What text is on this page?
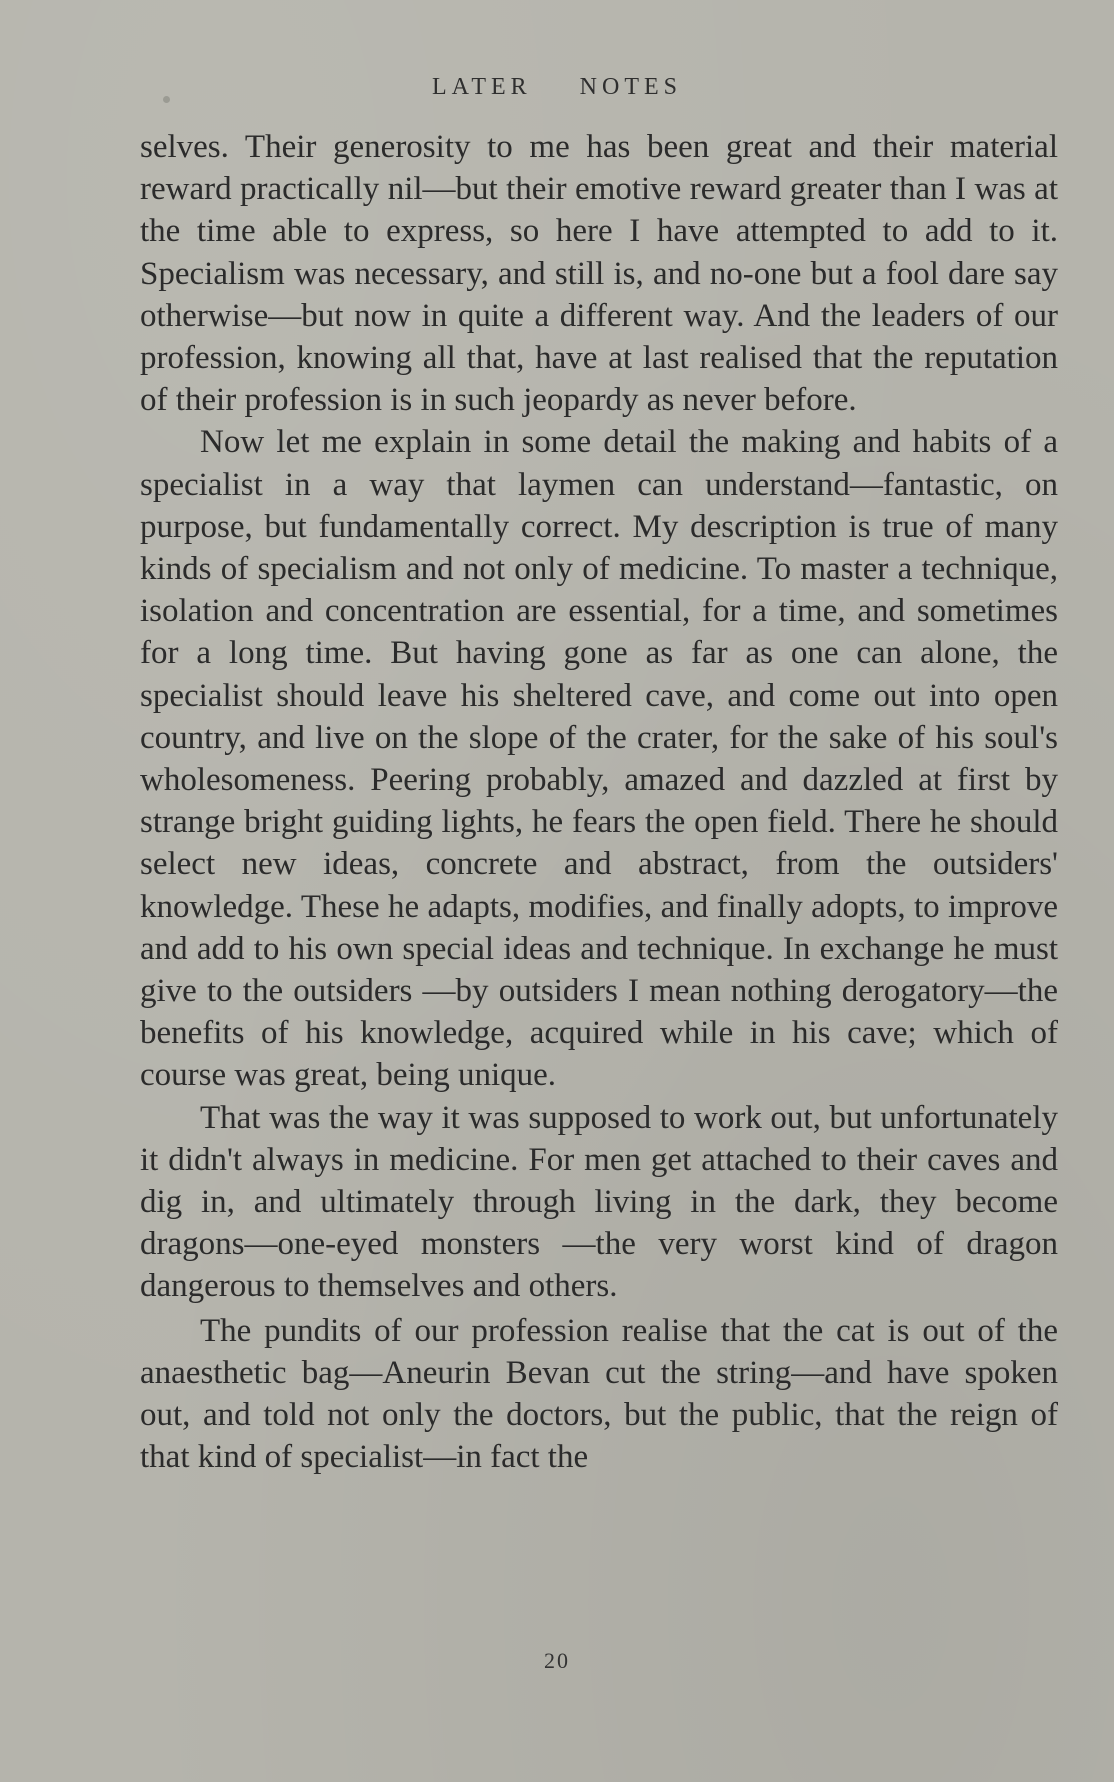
LATER NOTES

selves. Their generosity to me has been great and their material reward practically nil—but their emotive reward greater than I was at the time able to express, so here I have attempted to add to it. Specialism was necessary, and still is, and no-one but a fool dare say otherwise—but now in quite a different way. And the leaders of our profession, knowing all that, have at last realised that the reputation of their profession is in such jeopardy as never before.

Now let me explain in some detail the making and habits of a specialist in a way that laymen can understand—fantastic, on purpose, but fundamentally correct. My description is true of many kinds of specialism and not only of medicine. To master a technique, isolation and concentration are essential, for a time, and sometimes for a long time. But having gone as far as one can alone, the specialist should leave his sheltered cave, and come out into open country, and live on the slope of the crater, for the sake of his soul's wholesomeness. Peering probably, amazed and dazzled at first by strange bright guiding lights, he fears the open field. There he should select new ideas, concrete and abstract, from the outsiders' knowledge. These he adapts, modifies, and finally adopts, to improve and add to his own special ideas and technique. In exchange he must give to the outsiders —by outsiders I mean nothing derogatory—the benefits of his knowledge, acquired while in his cave; which of course was great, being unique.

That was the way it was supposed to work out, but unfortunately it didn't always in medicine. For men get attached to their caves and dig in, and ultimately through living in the dark, they become dragons—one-eyed monsters —the very worst kind of dragon dangerous to themselves and others.

The pundits of our profession realise that the cat is out of the anaesthetic bag—Aneurin Bevan cut the string—and have spoken out, and told not only the doctors, but the public, that the reign of that kind of specialist—in fact the

20
